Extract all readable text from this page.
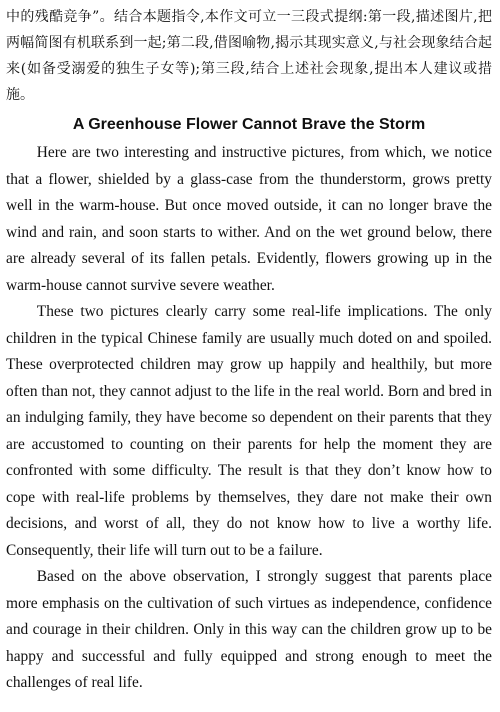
中的残酷竞争”。结合本题指令,本作文可立一三段式提纲:第一段,描述图片,把两幅简图有机联系到一起;第二段,借图喻物,揭示其现实意义,与社会现象结合起来(如备受溺爱的独生子女等);第三段,结合上述社会现象,提出本人建议或措施。

A Greenhouse Flower Cannot Brave the Storm

Here are two interesting and instructive pictures, from which, we notice that a flower, shielded by a glass-case from the thunderstorm, grows pretty well in the warm-house. But once moved outside, it can no longer brave the wind and rain, and soon starts to wither. And on the wet ground below, there are already several of its fallen petals. Evidently, flowers growing up in the warm-house cannot survive severe weather.

These two pictures clearly carry some real-life implications. The only children in the typical Chinese family are usually much doted on and spoiled. These overprotected children may grow up happily and healthily, but more often than not, they cannot adjust to the life in the real world. Born and bred in an indulging family, they have become so dependent on their parents that they are accustomed to counting on their parents for help the moment they are confronted with some difficulty. The result is that they don’t know how to cope with real-life problems by themselves, they dare not make their own decisions, and worst of all, they do not know how to live a worthy life. Consequently, their life will turn out to be a failure.

Based on the above observation, I strongly suggest that parents place more emphasis on the cultivation of such virtues as independence, confidence and courage in their children. Only in this way can the children grow up to be happy and successful and fully equipped and strong enough to meet the challenges of real life.
